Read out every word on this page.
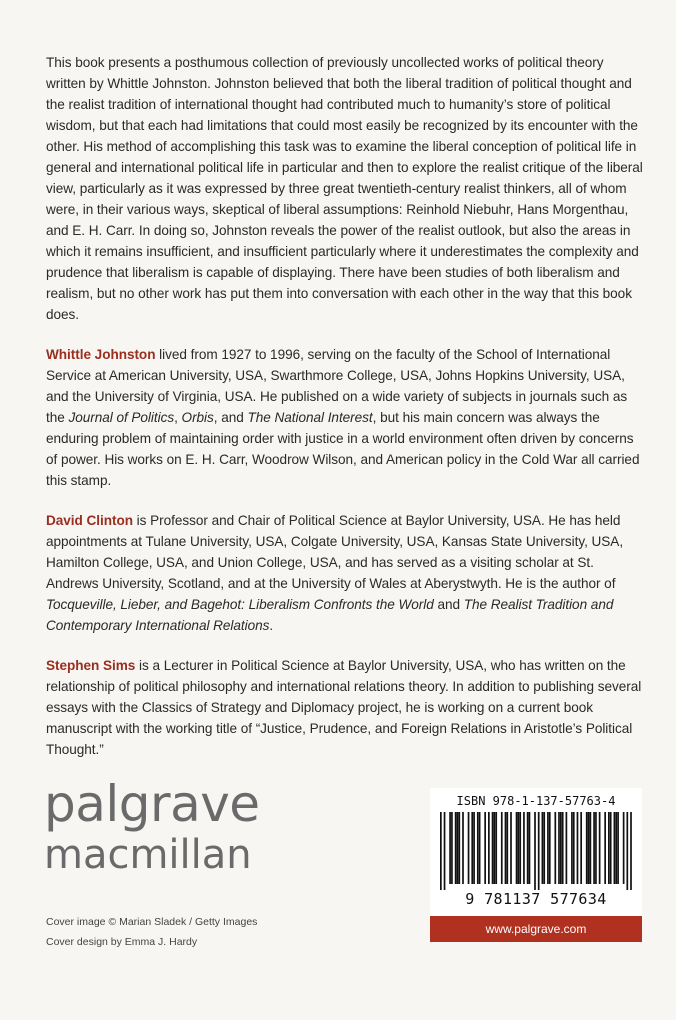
This book presents a posthumous collection of previously uncollected works of political theory written by Whittle Johnston. Johnston believed that both the liberal tradition of political thought and the realist tradition of international thought had contributed much to humanity’s store of political wisdom, but that each had limitations that could most easily be recognized by its encounter with the other. His method of accomplishing this task was to examine the liberal conception of political life in general and international political life in particular and then to explore the realist critique of the liberal view, particularly as it was expressed by three great twentieth-century realist thinkers, all of whom were, in their various ways, skeptical of liberal assumptions: Reinhold Niebuhr, Hans Morgenthau, and E. H. Carr. In doing so, Johnston reveals the power of the realist outlook, but also the areas in which it remains insufficient, and insufficient particularly where it underestimates the complexity and prudence that liberalism is capable of displaying. There have been studies of both liberalism and realism, but no other work has put them into conversation with each other in the way that this book does.

Whittle Johnston lived from 1927 to 1996, serving on the faculty of the School of International Service at American University, USA, Swarthmore College, USA, Johns Hopkins University, USA, and the University of Virginia, USA. He published on a wide variety of subjects in journals such as the Journal of Politics, Orbis, and The National Interest, but his main concern was always the enduring problem of maintaining order with justice in a world environment often driven by concerns of power. His works on E. H. Carr, Woodrow Wilson, and American policy in the Cold War all carried this stamp.

David Clinton is Professor and Chair of Political Science at Baylor University, USA. He has held appointments at Tulane University, USA, Colgate University, USA, Kansas State University, USA, Hamilton College, USA, and Union College, USA, and has served as a visiting scholar at St. Andrews University, Scotland, and at the University of Wales at Aberystwyth. He is the author of Tocqueville, Lieber, and Bagehot: Liberalism Confronts the World and The Realist Tradition and Contemporary International Relations.

Stephen Sims is a Lecturer in Political Science at Baylor University, USA, who has written on the relationship of political philosophy and international relations theory. In addition to publishing several essays with the Classics of Strategy and Diplomacy project, he is working on a current book manuscript with the working title of “Justice, Prudence, and Foreign Relations in Aristotle’s Political Thought.”

palgrave
macmillan
Cover image © Marian Sladek / Getty Images
Cover design by Emma J. Hardy
ISBN 978-1-137-57763-4
9 781137 577634
www.palgrave.com
